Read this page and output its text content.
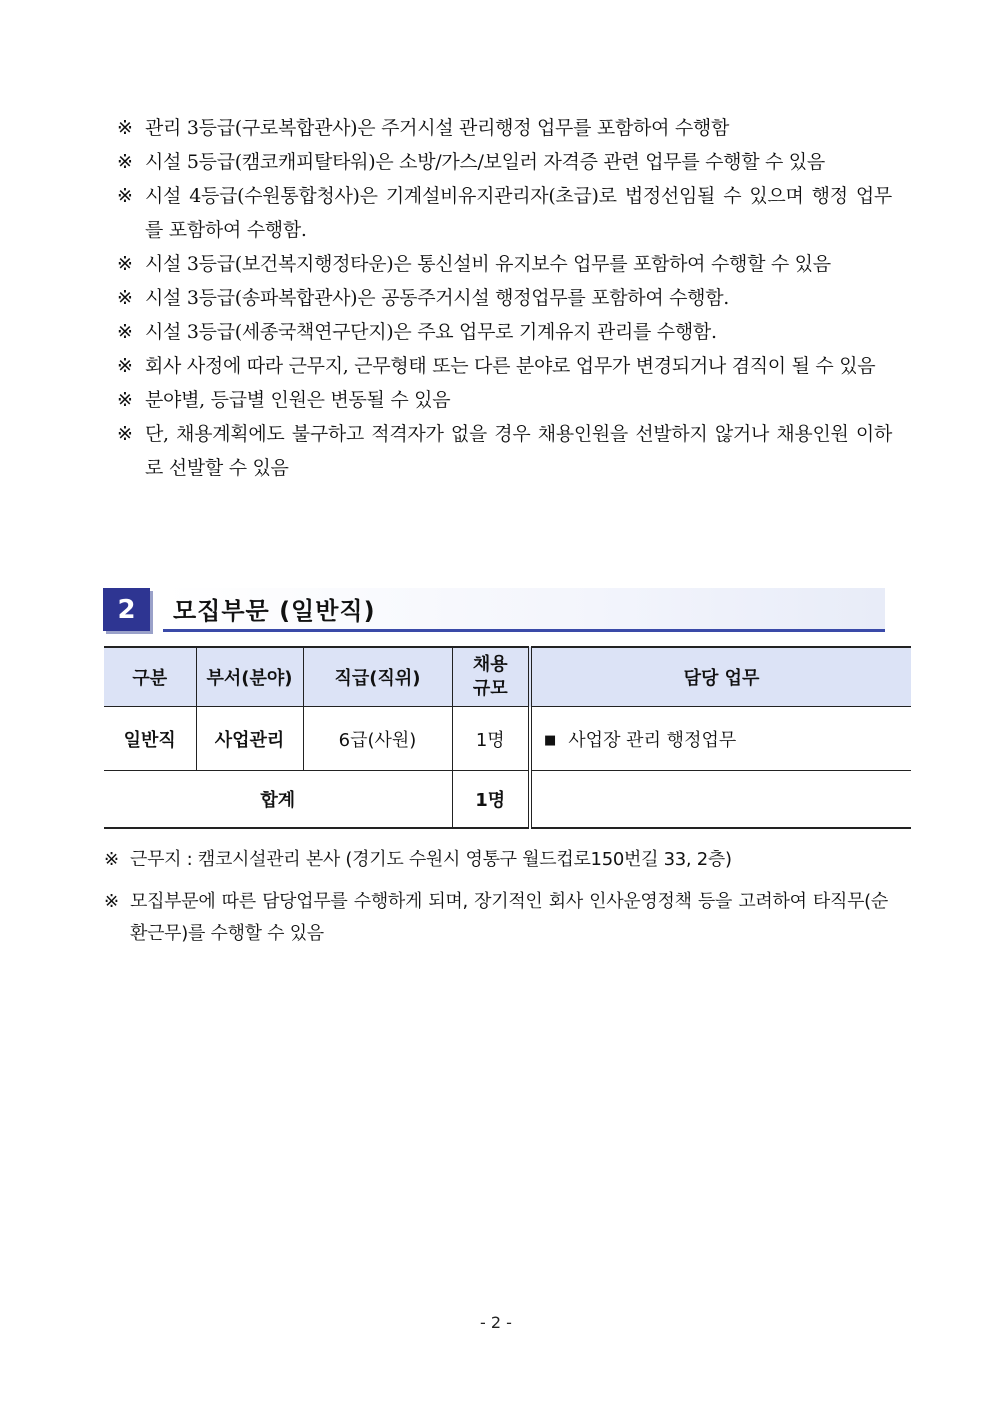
※ 관리 3등급(구로복합관사)은 주거시설 관리행정 업무를 포함하여 수행함
※ 시설 5등급(캠코캐피탈타워)은 소방/가스/보일러 자격증 관련 업무를 수행할 수 있음
※ 시설 4등급(수원통합청사)은 기계설비유지관리자(초급)로 법정선임될 수 있으며 행정 업무를 포함하여 수행함.
※ 시설 3등급(보건복지행정타운)은 통신설비 유지보수 업무를 포함하여 수행할 수 있음
※ 시설 3등급(송파복합관사)은 공동주거시설 행정업무를 포함하여 수행함.
※ 시설 3등급(세종국책연구단지)은 주요 업무로 기계유지 관리를 수행함.
※ 회사 사정에 따라 근무지, 근무형태 또는 다른 분야로 업무가 변경되거나 겸직이 될 수 있음
※ 분야별, 등급별 인원은 변동될 수 있음
※ 단, 채용계획에도 불구하고 적격자가 없을 경우 채용인원을 선발하지 않거나 채용인원 이하로 선발할 수 있음
2	모집부문 (일반직)
구분	부서(분야)	직급(직위)	채용 규모	담당 업무
일반직	사업관리	6급(사원)	1명	■ 사업장 관리 행정업무
합계			1명	
※ 근무지 : 캠코시설관리 본사 (경기도 수원시 영통구 월드컵로150번길 33, 2층)
※ 모집부문에 따른 담당업무를 수행하게 되며, 장기적인 회사 인사운영정책 등을 고려하여 타직무(순환근무)를 수행할 수 있음
- 2 -
